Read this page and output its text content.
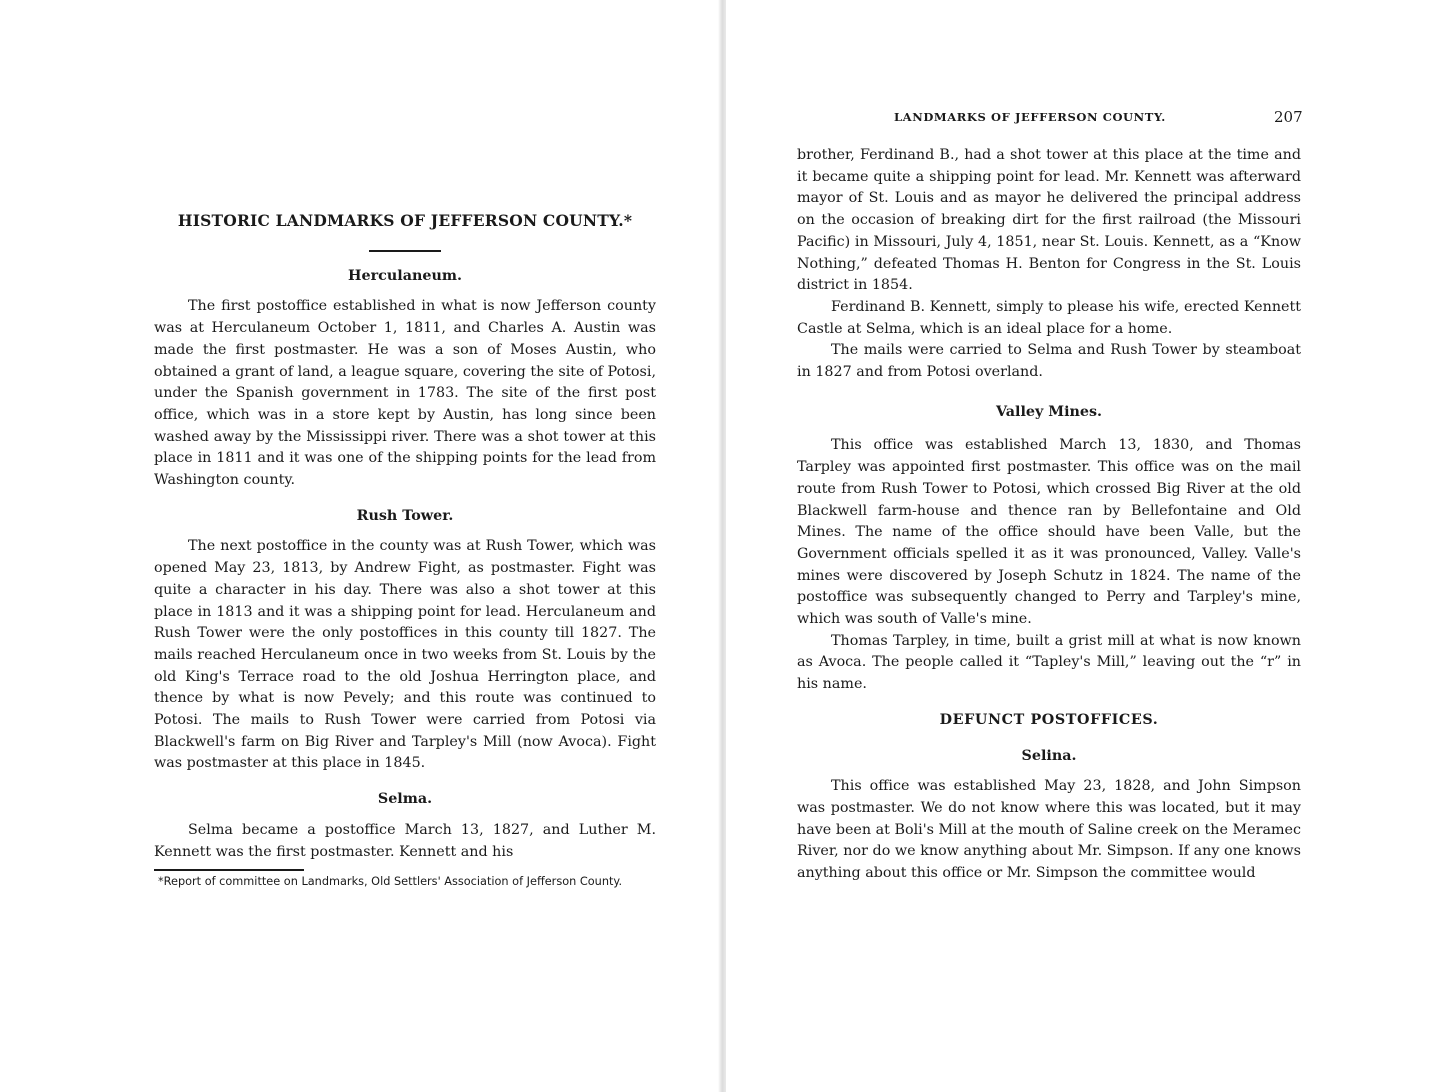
HISTORIC LANDMARKS OF JEFFERSON COUNTY.*
Herculaneum.

The first postoffice established in what is now Jefferson county was at Herculaneum October 1, 1811, and Charles A. Austin was made the first postmaster. He was a son of Moses Austin, who obtained a grant of land, a league square, covering the site of Potosi, under the Spanish government in 1783. The site of the first post office, which was in a store kept by Austin, has long since been washed away by the Mississippi river. There was a shot tower at this place in 1811 and it was one of the shipping points for the lead from Washington county.

Rush Tower.

The next postoffice in the county was at Rush Tower, which was opened May 23, 1813, by Andrew Fight, as postmaster. Fight was quite a character in his day. There was also a shot tower at this place in 1813 and it was a shipping point for lead. Herculaneum and Rush Tower were the only postoffices in this county till 1827. The mails reached Herculaneum once in two weeks from St. Louis by the old King's Terrace road to the old Joshua Herrington place, and thence by what is now Pevely; and this route was continued to Potosi. The mails to Rush Tower were carried from Potosi via Blackwell's farm on Big River and Tarpley's Mill (now Avoca). Fight was postmaster at this place in 1845.

Selma.

Selma became a postoffice March 13, 1827, and Luther M. Kennett was the first postmaster. Kennett and his

*Report of committee on Landmarks, Old Settlers' Association of Jefferson County.
LANDMARKS OF JEFFERSON COUNTY.	207

brother, Ferdinand B., had a shot tower at this place at the time and it became quite a shipping point for lead. Mr. Kennett was afterward mayor of St. Louis and as mayor he delivered the principal address on the occasion of breaking dirt for the first railroad (the Missouri Pacific) in Missouri, July 4, 1851, near St. Louis. Kennett, as a “Know Nothing,” defeated Thomas H. Benton for Congress in the St. Louis district in 1854.

Ferdinand B. Kennett, simply to please his wife, erected Kennett Castle at Selma, which is an ideal place for a home.

The mails were carried to Selma and Rush Tower by steamboat in 1827 and from Potosi overland.

Valley Mines.

This office was established March 13, 1830, and Thomas Tarpley was appointed first postmaster. This office was on the mail route from Rush Tower to Potosi, which crossed Big River at the old Blackwell farm-house and thence ran by Bellefontaine and Old Mines. The name of the office should have been Valle, but the Government officials spelled it as it was pronounced, Valley. Valle's mines were discovered by Joseph Schutz in 1824. The name of the postoffice was subsequently changed to Perry and Tarpley's mine, which was south of Valle's mine.

Thomas Tarpley, in time, built a grist mill at what is now known as Avoca. The people called it “Tapley's Mill,” leaving out the “r” in his name.

DEFUNCT POSTOFFICES.
Selina.

This office was established May 23, 1828, and John Simpson was postmaster. We do not know where this was located, but it may have been at Boli's Mill at the mouth of Saline creek on the Meramec River, nor do we know anything about Mr. Simpson. If any one knows anything about this office or Mr. Simpson the committee would
